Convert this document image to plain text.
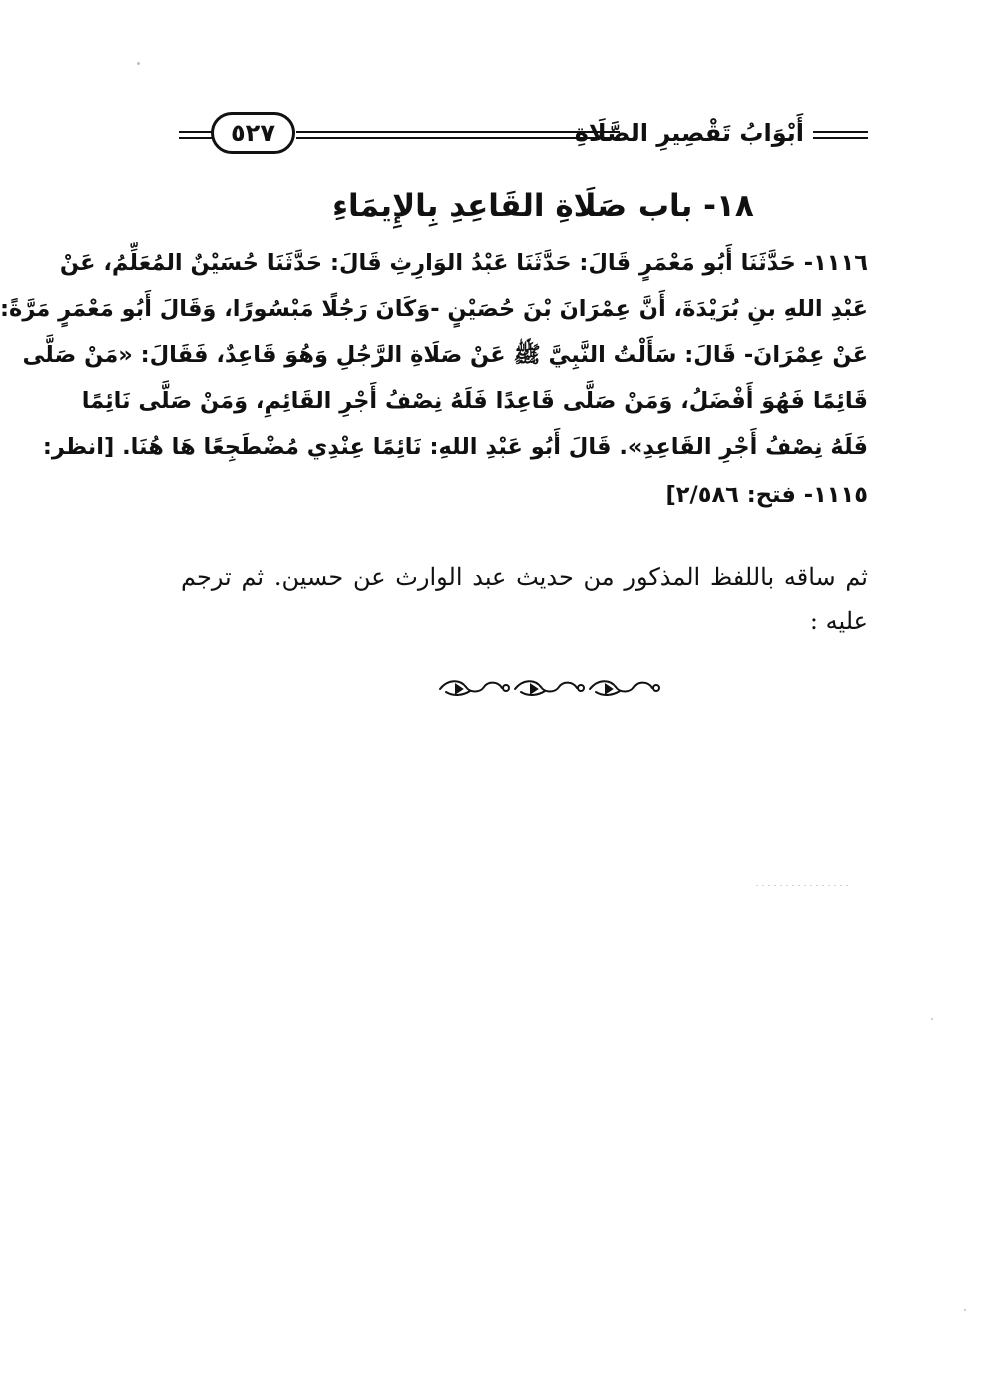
أَبْوَابُ تَقْصِيرِ الصَّلَاةِ
٥٢٧
١٨- باب صَلَاةِ القَاعِدِ بِالإِيمَاءِ
١١١٦- حَدَّثَنَا أَبُو مَعْمَرٍ قَالَ: حَدَّثَنَا عَبْدُ الوَارِثِ قَالَ: حَدَّثَنَا حُسَيْنٌ المُعَلِّمُ، عَنْ
عَبْدِ اللهِ بنِ بُرَيْدَةَ، أَنَّ عِمْرَانَ بْنَ حُصَيْنٍ -وَكَانَ رَجُلًا مَبْسُورًا، وَقَالَ أَبُو مَعْمَرٍ مَرَّةً:
عَنْ عِمْرَانَ- قَالَ: سَأَلْتُ النَّبِيَّ ﷺ عَنْ صَلَاةِ الرَّجُلِ وَهُوَ قَاعِدٌ، فَقَالَ: «مَنْ صَلَّى
قَائِمًا فَهُوَ أَفْضَلُ، وَمَنْ صَلَّى قَاعِدًا فَلَهُ نِصْفُ أَجْرِ القَائِمِ، وَمَنْ صَلَّى نَائِمًا
فَلَهُ نِصْفُ أَجْرِ القَاعِدِ». قَالَ أَبُو عَبْدِ اللهِ: نَائِمًا عِنْدِي مُضْطَجِعًا هَا هُنَا. [انظر:
١١١٥- فتح: ٢/٥٨٦]
ثم ساقه باللفظ المذكور من حديث عبد الوارث عن حسين. ثم ترجم
عليه :
